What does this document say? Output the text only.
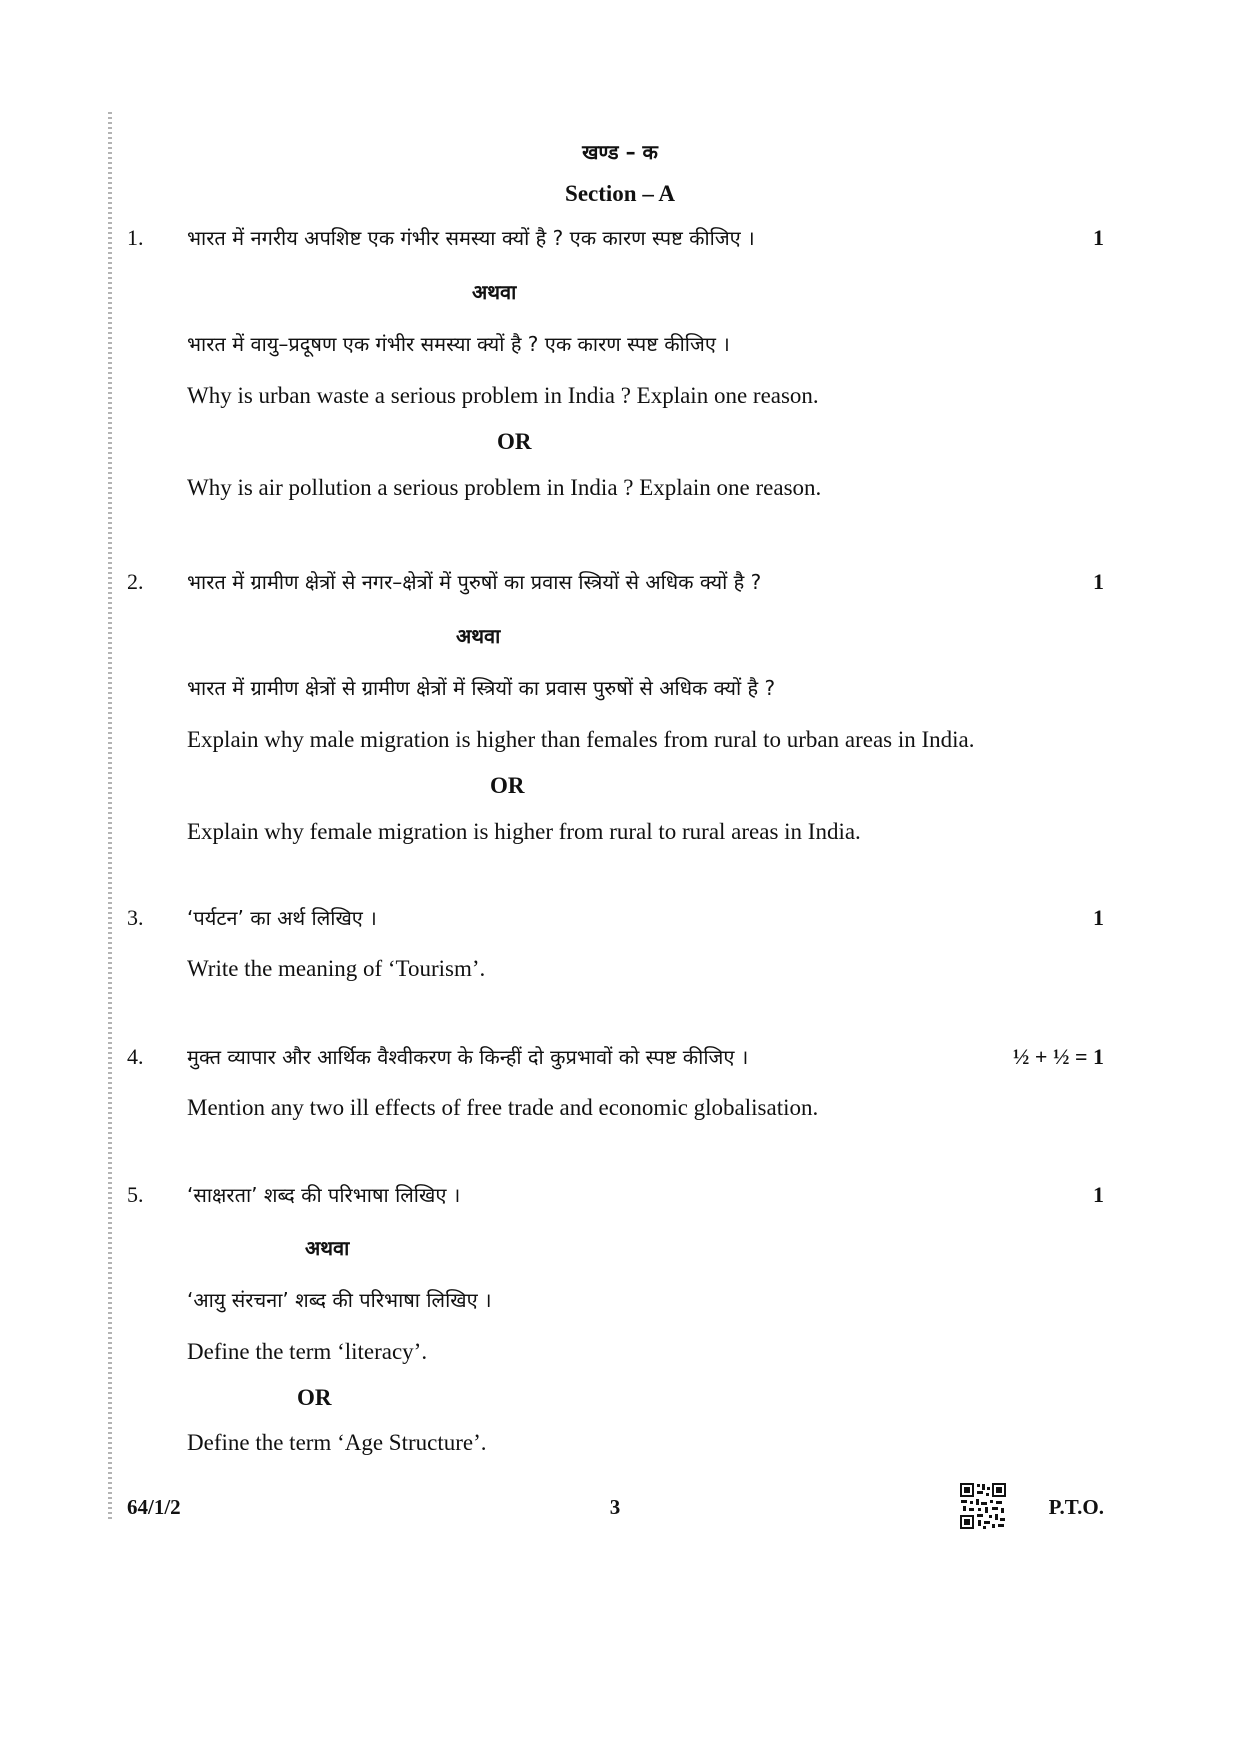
खण्ड – क
Section – A
1. भारत में नगरीय अपशिष्ट एक गंभीर समस्या क्यों है ? एक कारण स्पष्ट कीजिए ।	1
अथवा
भारत में वायु–प्रदूषण एक गंभीर समस्या क्यों है ? एक कारण स्पष्ट कीजिए ।
Why is urban waste a serious problem in India ? Explain one reason.
OR
Why is air pollution a serious problem in India ? Explain one reason.
2. भारत में ग्रामीण क्षेत्रों से नगर–क्षेत्रों में पुरुषों का प्रवास स्त्रियों से अधिक क्यों है ?	1
अथवा
भारत में ग्रामीण क्षेत्रों से ग्रामीण क्षेत्रों में स्त्रियों का प्रवास पुरुषों से अधिक क्यों है ?
Explain why male migration is higher than females from rural to urban areas in India.
OR
Explain why female migration is higher from rural to rural areas in India.
3. ‘पर्यटन’ का अर्थ लिखिए ।	1
Write the meaning of ‘Tourism’.
4. मुक्त व्यापार और आर्थिक वैश्वीकरण के किन्हीं दो कुप्रभावों को स्पष्ट कीजिए ।	½ + ½ = 1
Mention any two ill effects of free trade and economic globalisation.
5. ‘साक्षरता’ शब्द की परिभाषा लिखिए ।	1
अथवा
‘आयु संरचना’ शब्द की परिभाषा लिखिए ।
Define the term ‘literacy’.
OR
Define the term ‘Age Structure’.
64/1/2	3	P.T.O.
